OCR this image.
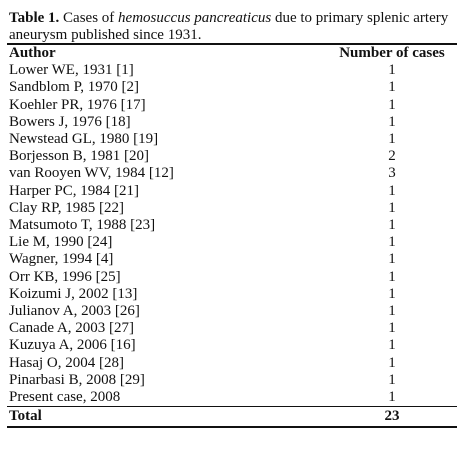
Table 1. Cases of hemosuccus pancreaticus due to primary splenic artery aneurysm published since 1931.

Author	Number of cases
Lower WE, 1931 [1]	1
Sandblom P, 1970 [2]	1
Koehler PR, 1976 [17]	1
Bowers J, 1976 [18]	1
Newstead GL, 1980 [19]	1
Borjesson B, 1981 [20]	2
van Rooyen WV, 1984 [12]	3
Harper PC, 1984 [21]	1
Clay RP, 1985 [22]	1
Matsumoto T, 1988 [23]	1
Lie M, 1990 [24]	1
Wagner, 1994 [4]	1
Orr KB, 1996 [25]	1
Koizumi J, 2002 [13]	1
Julianov A, 2003 [26]	1
Canade A, 2003 [27]	1
Kuzuya A, 2006 [16]	1
Hasaj O, 2004 [28]	1
Pinarbasi B, 2008 [29]	1
Present case, 2008	1
Total	23
